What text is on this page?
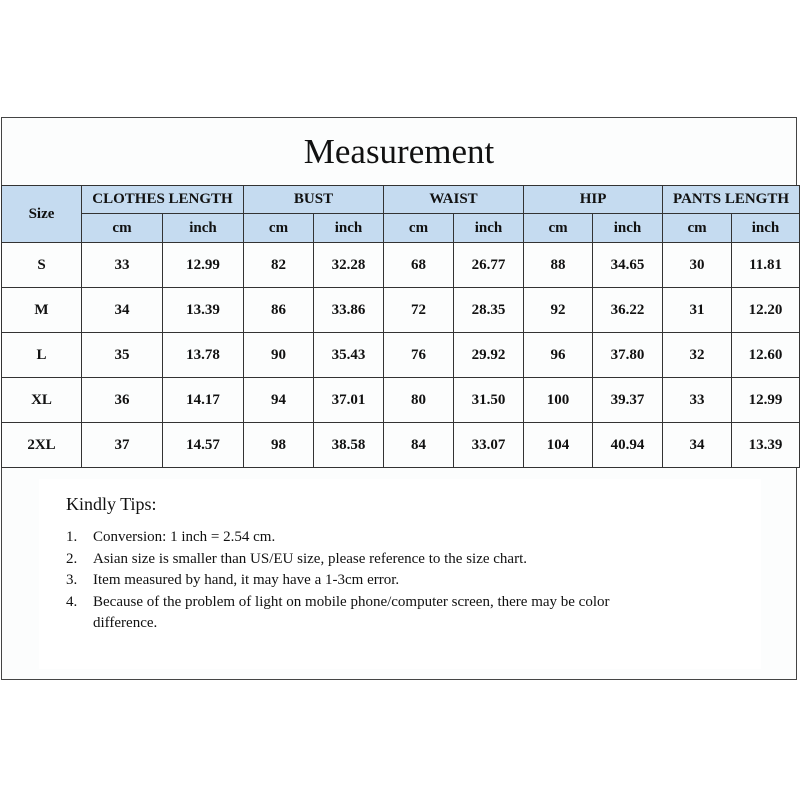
Measurement
Size	CLOTHES LENGTH		BUST		WAIST		HIP		PANTS LENGTH	
	cm	inch	cm	inch	cm	inch	cm	inch	cm	inch
S	33	12.99	82	32.28	68	26.77	88	34.65	30	11.81
M	34	13.39	86	33.86	72	28.35	92	36.22	31	12.20
L	35	13.78	90	35.43	76	29.92	96	37.80	32	12.60
XL	36	14.17	94	37.01	80	31.50	100	39.37	33	12.99
2XL	37	14.57	98	38.58	84	33.07	104	40.94	34	13.39
Kindly Tips:
1.	Conversion: 1 inch = 2.54 cm.
2.	Asian size is smaller than US/EU size, please reference to the size chart.
3.	Item measured by hand, it may have a 1-3cm error.
4.	Because of the problem of light on mobile phone/computer screen, there may be color difference.
